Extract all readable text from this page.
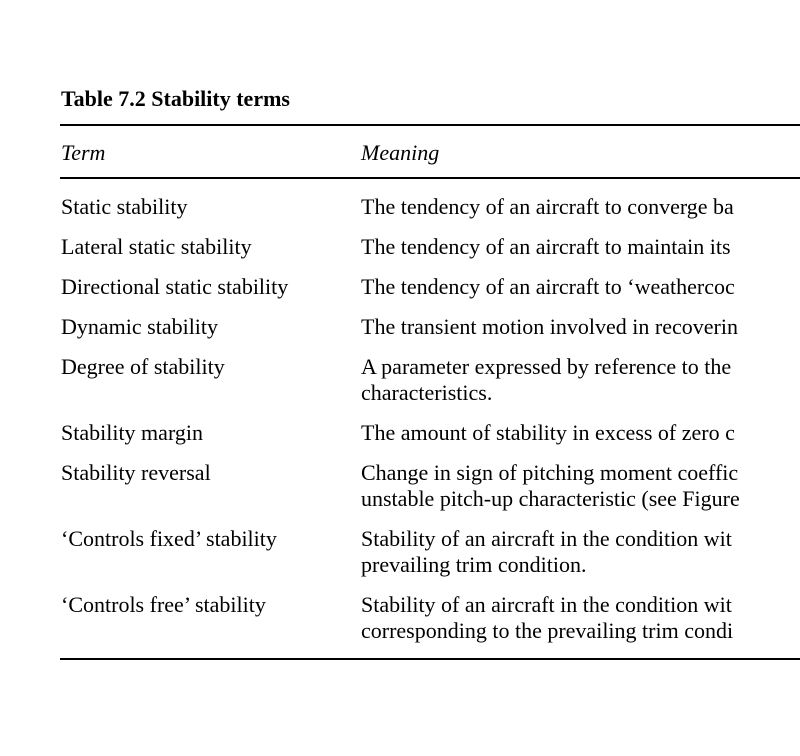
Table 7.2 Stability terms
Term	Meaning
Static stability	The tendency of an aircraft to converge ba
Lateral static stability	The tendency of an aircraft to maintain its
Directional static stability	The tendency of an aircraft to ‘weathercoc
Dynamic stability	The transient motion involved in recoverin
Degree of stability	A parameter expressed by reference to the
characteristics.
Stability margin	The amount of stability in excess of zero c
Stability reversal	Change in sign of pitching moment coeffic
unstable pitch-up characteristic (see Figure
‘Controls fixed’ stability	Stability of an aircraft in the condition wit
prevailing trim condition.
‘Controls free’ stability	Stability of an aircraft in the condition wit
corresponding to the prevailing trim condi
